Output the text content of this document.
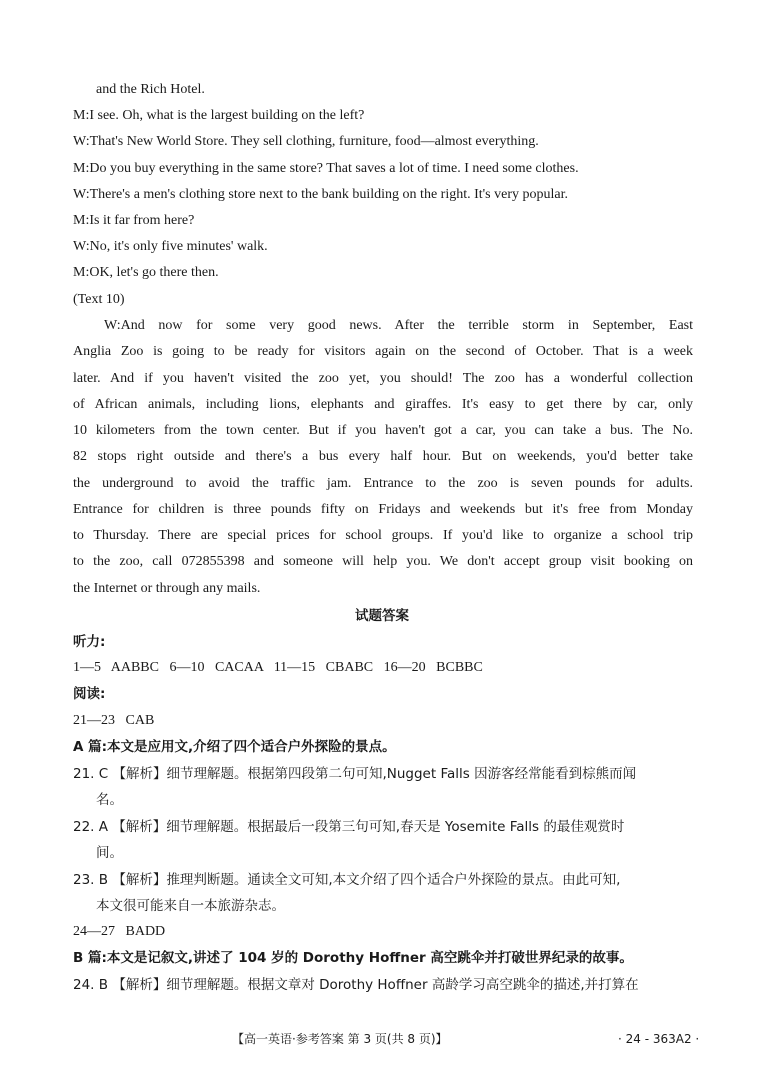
and the Rich Hotel.
M:I see. Oh, what is the largest building on the left?
W:That's New World Store. They sell clothing, furniture, food—almost everything.
M:Do you buy everything in the same store? That saves a lot of time. I need some clothes.
W:There's a men's clothing store next to the bank building on the right. It's very popular.
M:Is it far from here?
W:No, it's only five minutes' walk.
M:OK, let's go there then.
(Text 10)
W:And now for some very good news. After the terrible storm in September, East
Anglia Zoo is going to be ready for visitors again on the second of October. That is a week
later. And if you haven't visited the zoo yet, you should! The zoo has a wonderful collection
of African animals, including lions, elephants and giraffes. It's easy to get there by car, only
10 kilometers from the town center. But if you haven't got a car, you can take a bus. The No.
82 stops right outside and there's a bus every half hour. But on weekends, you'd better take
the underground to avoid the traffic jam. Entrance to the zoo is seven pounds for adults.
Entrance for children is three pounds fifty on Fridays and weekends but it's free from Monday
to Thursday. There are special prices for school groups. If you'd like to organize a school trip
to the zoo, call 072855398 and someone will help you. We don't accept group visit booking on
the Internet or through any mails.
试题答案
听力:
1—5   AABBC   6—10   CACAA   11—15   CBABC   16—20   BCBBC
阅读:
21—23   CAB
A 篇:本文是应用文,介绍了四个适合户外探险的景点。
21. C 【解析】细节理解题。根据第四段第二句可知,Nugget Falls 因游客经常能看到棕熊而闻
名。
22. A 【解析】细节理解题。根据最后一段第三句可知,春天是 Yosemite Falls 的最佳观赏时
间。
23. B 【解析】推理判断题。通读全文可知,本文介绍了四个适合户外探险的景点。由此可知,
本文很可能来自一本旅游杂志。
24—27   BADD
B 篇:本文是记叙文,讲述了 104 岁的 Dorothy Hoffner 高空跳伞并打破世界纪录的故事。
24. B 【解析】细节理解题。根据文章对 Dorothy Hoffner 高龄学习高空跳伞的描述,并打算在
【高一英语·参考答案 第 3 页(共 8 页)】	· 24 - 363A2 ·
